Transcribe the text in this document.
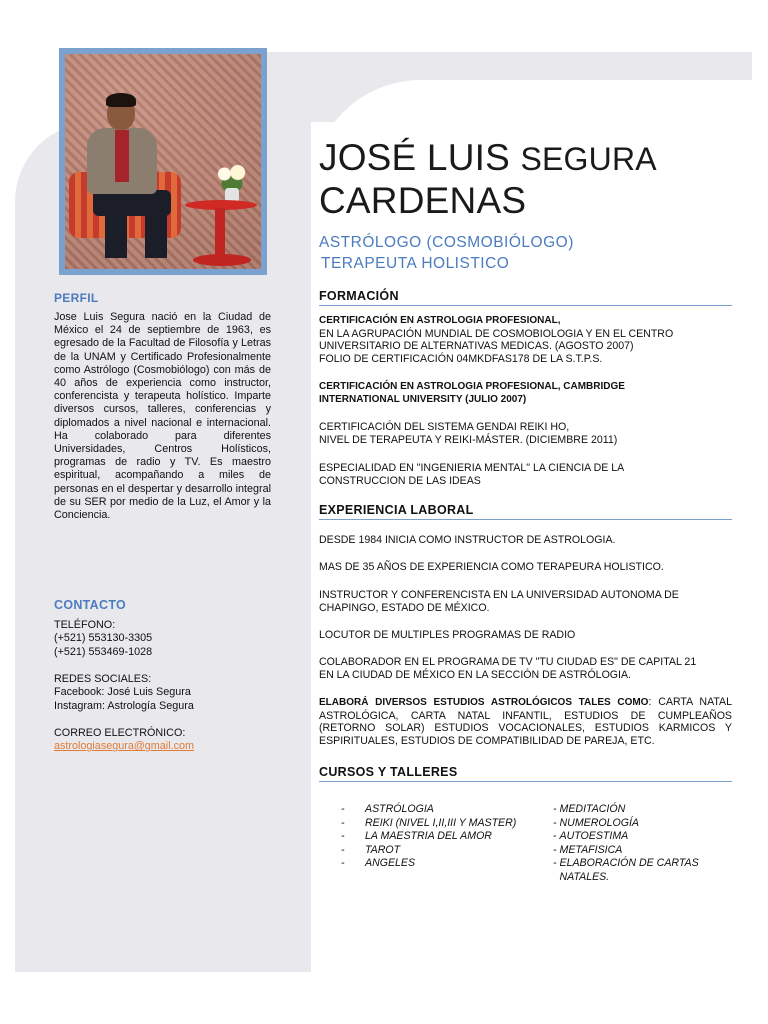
PERFIL
Jose Luis Segura nació en la Ciudad de México el 24 de septiembre de 1963, es egresado de la Facultad de Filosofía y Letras de la UNAM y Certificado Profesionalmente como Astrólogo (Cosmobiólogo) con más de 40 años de experiencia como instructor, conferencista y terapeuta holístico. Imparte diversos cursos, talleres, conferencias y diplomados a nivel nacional e internacional. Ha colaborado para diferentes Universidades, Centros Holísticos, programas de radio y TV. Es maestro espiritual, acompañando a miles de personas en el despertar y desarrollo integral de su SER por medio de la Luz, el Amor y la Conciencia.
CONTACTO
TELÉFONO:
(+521) 553130-3305
(+521) 553469-1028
REDES SOCIALES:
Facebook: José Luis Segura
Instagram: Astrología Segura
CORREO ELECTRÓNICO:
astrologiasegura@gmail.com
JOSÉ LUIS SEGURA
CARDENAS
ASTRÓLOGO (COSMOBIÓLOGO)
TERAPEUTA HOLISTICO
FORMACIÓN
CERTIFICACIÓN EN ASTROLOGIA PROFESIONAL,
EN LA AGRUPACIÓN MUNDIAL DE COSMOBIOLOGIA Y EN EL CENTRO
UNIVERSITARIO DE ALTERNATIVAS MEDICAS. (AGOSTO 2007)
FOLIO DE CERTIFICACIÓN 04MKDFAS178 DE LA S.T.P.S.
CERTIFICACIÓN EN ASTROLOGIA PROFESIONAL, CAMBRIDGE
INTERNATIONAL UNIVERSITY (JULIO 2007)
CERTIFICACIÓN DEL SISTEMA GENDAI REIKI HO,
NIVEL DE TERAPEUTA Y REIKI-MÁSTER. (DICIEMBRE 2011)
ESPECIALIDAD EN "INGENIERIA MENTAL" LA CIENCIA DE LA
CONSTRUCCION DE LAS IDEAS
EXPERIENCIA LABORAL
DESDE 1984 INICIA COMO INSTRUCTOR DE ASTROLOGIA.
MAS DE 35 AÑOS DE EXPERIENCIA COMO TERAPEURA HOLISTICO.
INSTRUCTOR Y CONFERENCISTA EN LA UNIVERSIDAD AUTONOMA DE
CHAPINGO, ESTADO DE MÉXICO.
LOCUTOR DE MULTIPLES PROGRAMAS DE RADIO
COLABORADOR EN EL PROGRAMA DE TV "TU CIUDAD ES" DE CAPITAL 21
EN LA CIUDAD DE MÉXICO EN LA SECCIÓN DE ASTRÓLOGIA.
ELABORÁ DIVERSOS ESTUDIOS ASTROLÓGICOS TALES COMO: CARTA NATAL ASTROLÓGICA, CARTA NATAL INFANTIL, ESTUDIOS DE CUMPLEAÑOS (RETORNO SOLAR) ESTUDIOS VOCACIONALES, ESTUDIOS KARMICOS Y ESPIRITUALES, ESTUDIOS DE COMPATIBILIDAD DE PAREJA, ETC.
CURSOS Y TALLERES
-	ASTRÓLOGIA
-	REIKI (NIVEL I,II,III Y MASTER)
-	LA MAESTRIA DEL AMOR
-	TAROT
-	ANGELES
- MEDITACIÓN
- NUMEROLOGÍA
- AUTOESTIMA
- METAFISICA
- ELABORACIÓN DE CARTAS NATALES.
